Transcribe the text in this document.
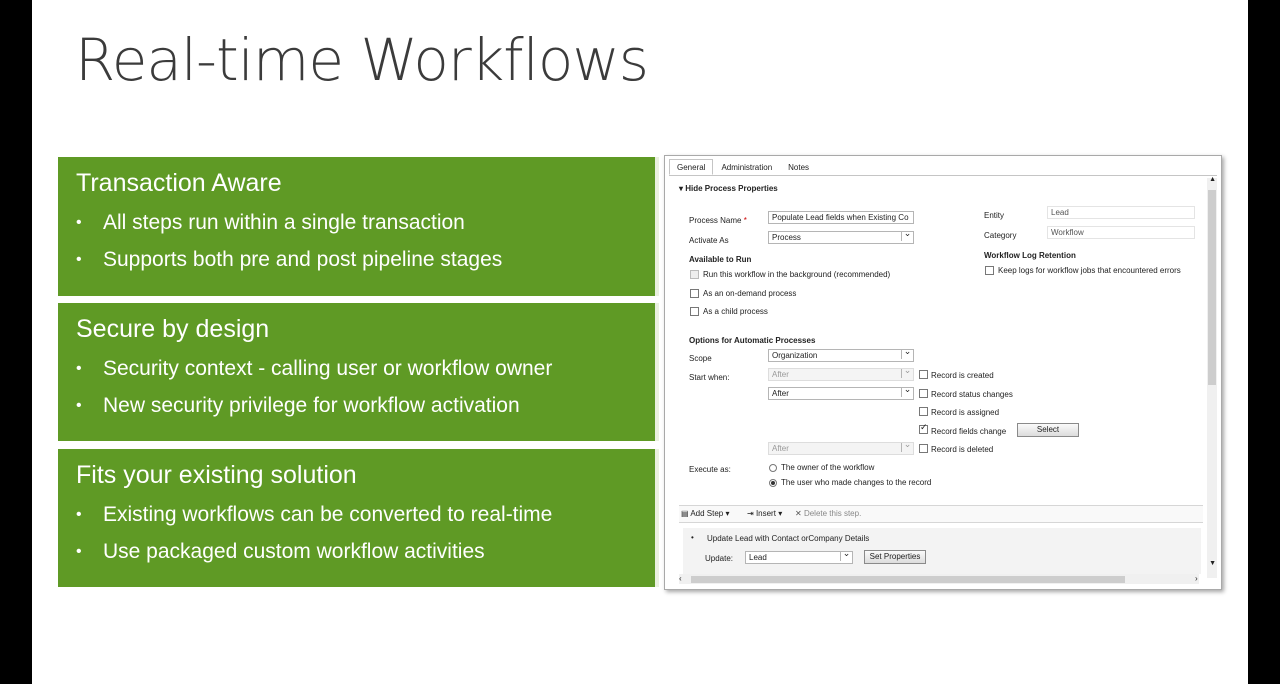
Real-time Workflows
Transaction Aware
• All steps run within a single transaction
• Supports both pre and post pipeline stages
Secure by design
• Security context - calling user or workflow owner
• New security privilege for workflow activation
Fits your existing solution
• Existing workflows can be converted to real-time
• Use packaged custom workflow activities
General	Administration	Notes
▾ Hide Process Properties
Process Name *	Populate Lead fields when Existing Co
Activate As	Process ⌄
Entity	Lead
Category	Workflow
Workflow Log Retention
Keep logs for workflow jobs that encountered errors
Available to Run
Run this workflow in the background (recommended)
As an on-demand process
As a child process
Options for Automatic Processes
Scope	Organization ⌄
Start when:	After ⌄	Record is created
After ⌄	Record status changes
Record is assigned
✓
Record fields change	Select
After ⌄	Record is deleted
Execute as:	The owner of the workflow
The user who made changes to the record
▤ Add Step ▾ ⇥ Insert ▾ ✕ Delete this step.
• Update Lead with Contact orCompany Details
Update:	Lead ⌄	Set Properties
▲
▼
‹	›
